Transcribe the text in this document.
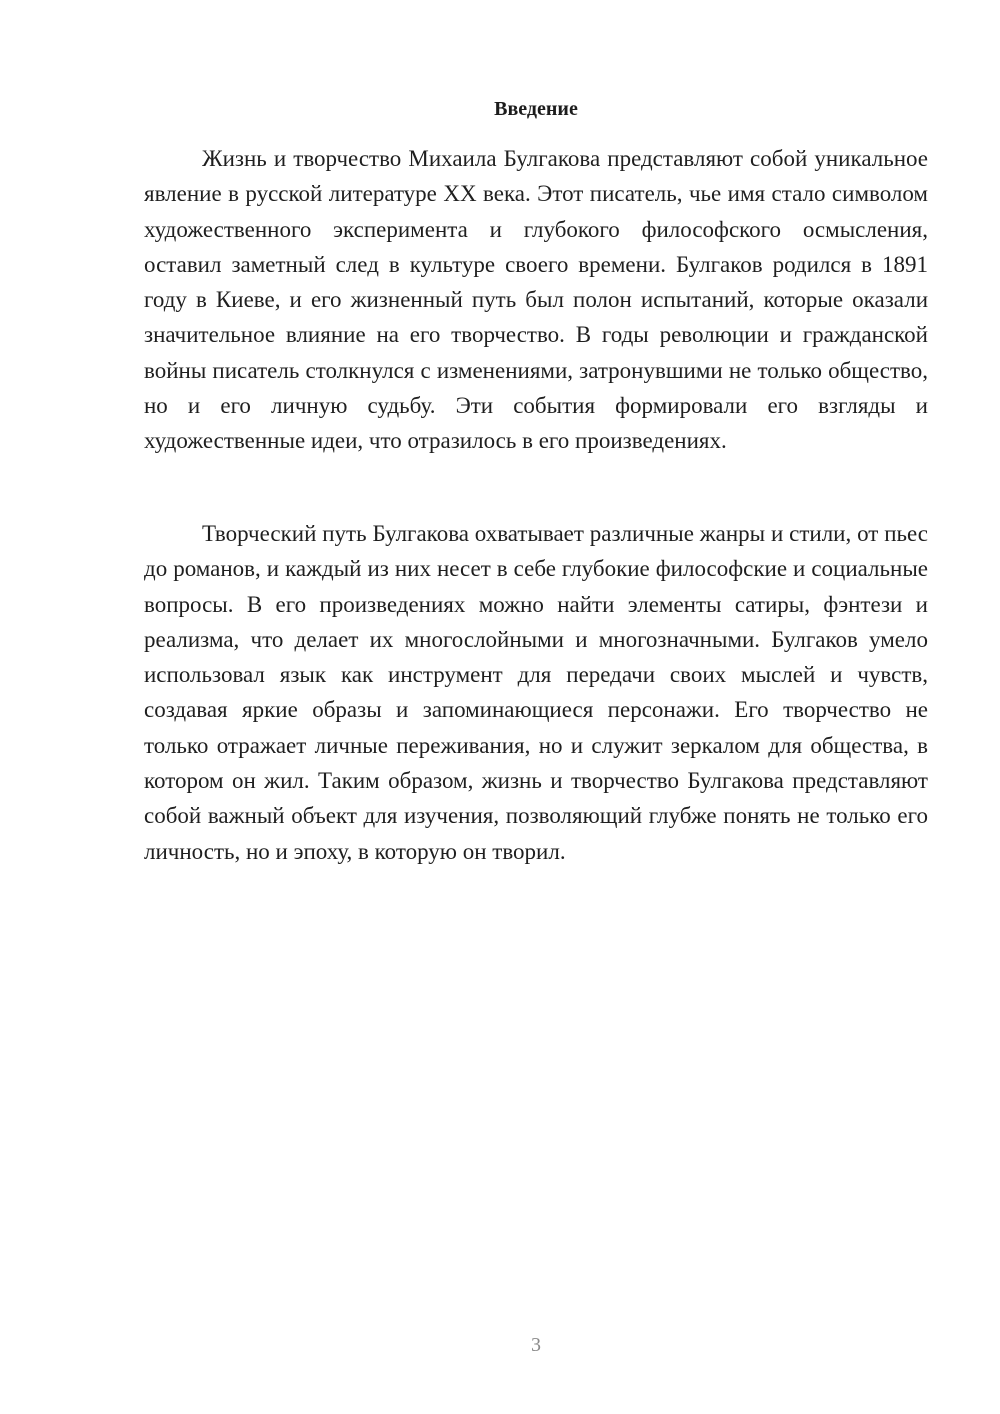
Введение

Жизнь и творчество Михаила Булгакова представляют собой уникальное явление в русской литературе XX века. Этот писатель, чье имя стало символом художественного эксперимента и глубокого философского осмысления, оставил заметный след в культуре своего времени. Булгаков родился в 1891 году в Киеве, и его жизненный путь был полон испытаний, которые оказали значительное влияние на его творчество. В годы революции и гражданской войны писатель столкнулся с изменениями, затронувшими не только общество, но и его личную судьбу. Эти события формировали его взгляды и художественные идеи, что отразилось в его произведениях.

Творческий путь Булгакова охватывает различные жанры и стили, от пьес до романов, и каждый из них несет в себе глубокие философские и социальные вопросы. В его произведениях можно найти элементы сатиры, фэнтези и реализма, что делает их многослойными и многозначными. Булгаков умело использовал язык как инструмент для передачи своих мыслей и чувств, создавая яркие образы и запоминающиеся персонажи. Его творчество не только отражает личные переживания, но и служит зеркалом для общества, в котором он жил. Таким образом, жизнь и творчество Булгакова представляют собой важный объект для изучения, позволяющий глубже понять не только его личность, но и эпоху, в которую он творил.

3
